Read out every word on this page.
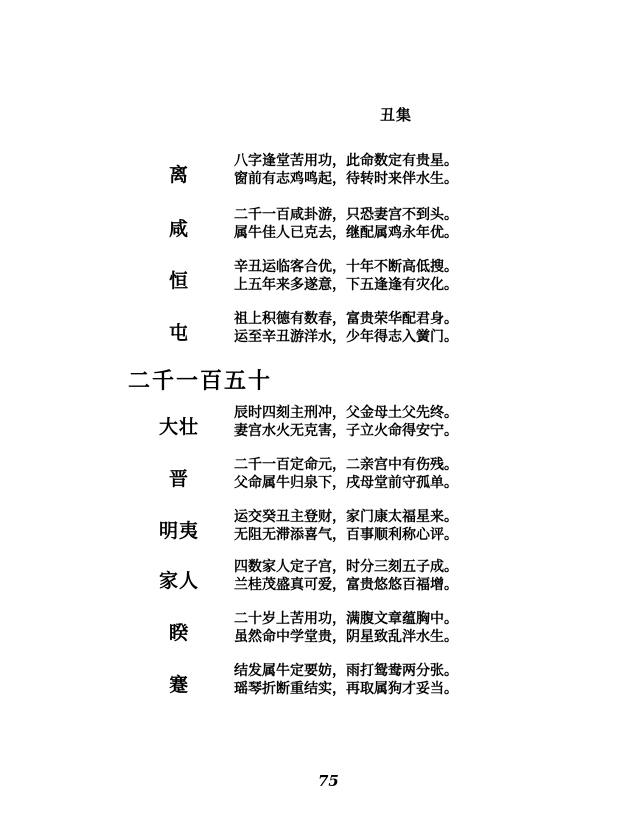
丑集
离
八字逢堂苦用功，此命数定有贵星。
窗前有志鸡鸣起，待转时来伴水生。
咸
二千一百咸卦游，只恐妻宫不到头。
属牛佳人已克去，继配属鸡永年优。
恒
辛丑运临客合优，十年不断高低搜。
上五年来多遂意，下五逢逢有灾化。
屯
祖上积德有数春，富贵荣华配君身。
运至辛丑游洋水，少年得志入黉门。
二千一百五十
大壮
辰时四刻主刑冲，父金母土父先终。
妻宫水火无克害，子立火命得安宁。
晋
二千一百定命元，二亲宫中有伤残。
父命属牛归泉下，戌母堂前守孤单。
明夷
运交癸丑主登财，家门康太福星来。
无阻无滞添喜气，百事顺利称心评。
家人
四数家人定子宫，时分三刻五子成。
兰桂茂盛真可爱，富贵悠悠百福增。
睽
二十岁上苦用功，满腹文章蕴胸中。
虽然命中学堂贵，阴星致乱泮水生。
蹇
结发属牛定要妨，雨打鸳鸯两分张。
瑶琴折断重结实，再取属狗才妥当。
75
